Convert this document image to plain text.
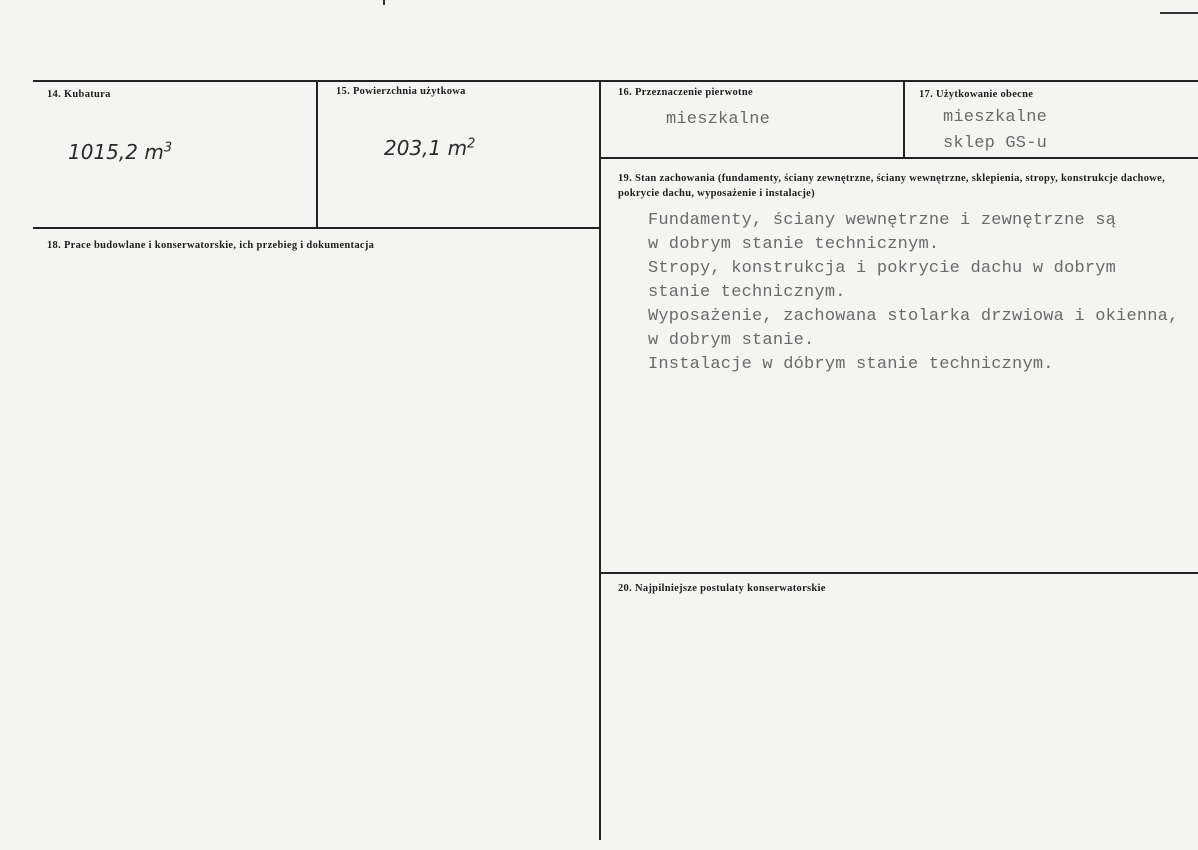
14. Kubatura
1015,2 $m^3$
15. Powierzchnia użytkowa
203,1 $m^2$
16. Przeznaczenie pierwotne
mieszkalne
17. Użytkowanie obecne
mieszkalne
sklep GS-u
18. Prace budowlane i konserwatorskie, ich przebieg i dokumentacja
19. Stan zachowania (fundamenty, ściany zewnętrzne, ściany wewnętrzne, sklepienia, stropy, konstrukcje dachowe, pokrycie dachu, wyposażenie i instalacje)
Fundamenty, ściany wewnętrzne i zewnętrzne są
w dobrym stanie technicznym.
Stropy, konstrukcja i pokrycie dachu w dobrym
stanie technicznym.
Wyposażenie, zachowana stolarka drzwiowa i okienna,
w dobrym stanie.
Instalacje w dóbrym stanie technicznym.
20. Najpilniejsze postulaty konserwatorskie
